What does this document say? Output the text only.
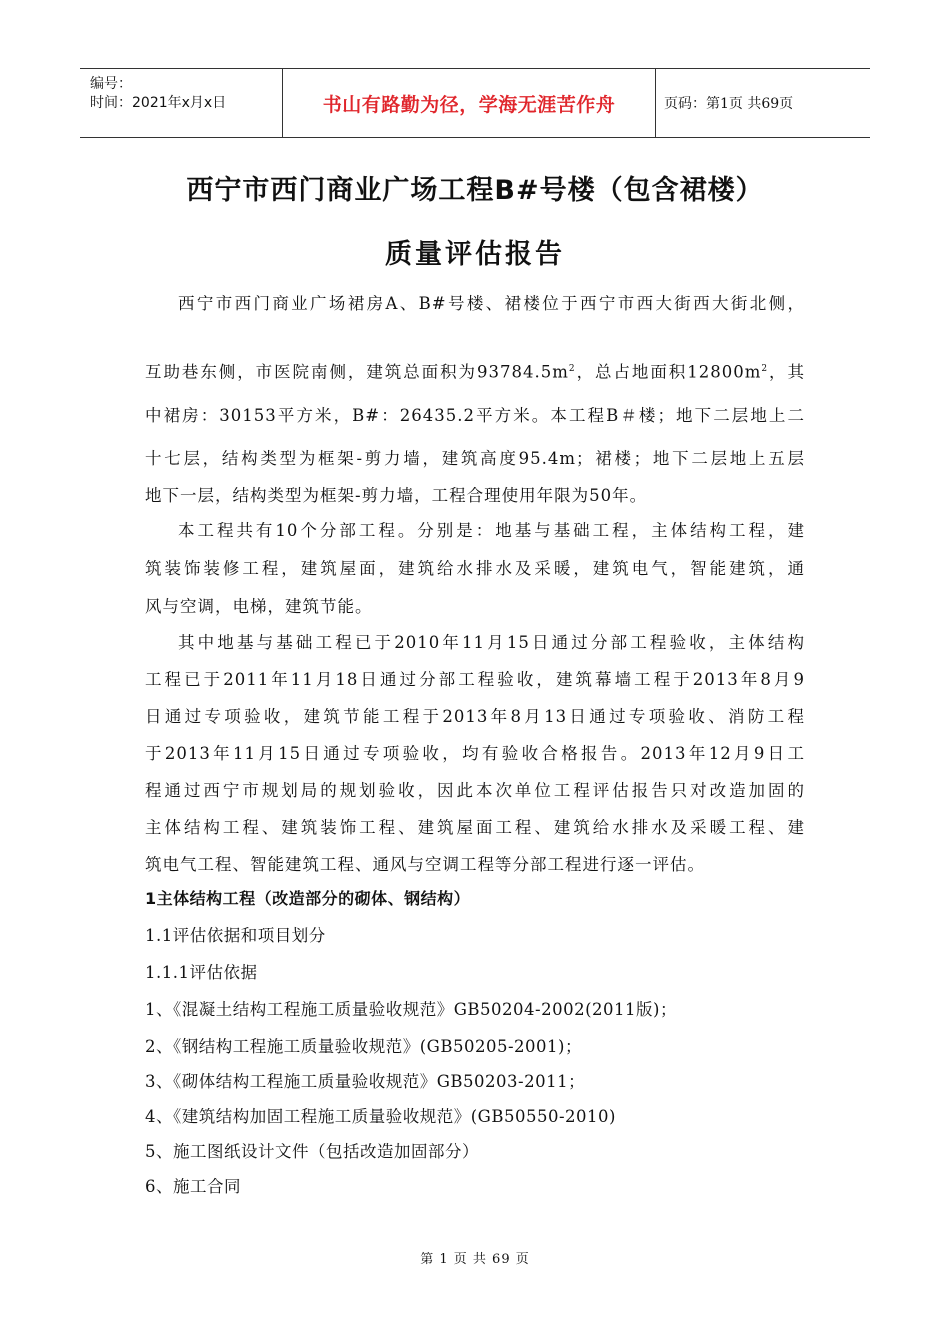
编号：
时间：2021年x月x日	书山有路勤为径，学海无涯苦作舟	页码：第1页 共69页
西宁市西门商业广场工程B#号楼（包含裙楼）
质量评估报告

西宁市西门商业广场裙房A、B#号楼、裙楼位于西宁市西大街西大街北侧，

互助巷东侧，市医院南侧，建筑总面积为$93784.5m^2$，总占地面积$12800m^2$，其

中裙房：30153平方米，B#：26435.2平方米。本工程B＃楼；地下二层地上二

十七层，结构类型为框架-剪力墙，建筑高度95.4m；裙楼；地下二层地上五层

地下一层，结构类型为框架-剪力墙，工程合理使用年限为50年。

本工程共有10个分部工程。分别是：地基与基础工程，主体结构工程，建

筑装饰装修工程，建筑屋面，建筑给水排水及采暖，建筑电气，智能建筑，通

风与空调，电梯，建筑节能。

其中地基与基础工程已于2010年11月15日通过分部工程验收，主体结构

工程已于2011年11月18日通过分部工程验收，建筑幕墙工程于2013年8月9

日通过专项验收，建筑节能工程于2013年8月13日通过专项验收、消防工程

于2013年11月15日通过专项验收，均有验收合格报告。2013年12月9日工

程通过西宁市规划局的规划验收，因此本次单位工程评估报告只对改造加固的

主体结构工程、建筑装饰工程、建筑屋面工程、建筑给水排水及采暖工程、建

筑电气工程、智能建筑工程、通风与空调工程等分部工程进行逐一评估。

1主体结构工程（改造部分的砌体、钢结构）
1.1评估依据和项目划分
1.1.1评估依据
1、《混凝土结构工程施工质量验收规范》GB50204-2002(2011版)；
2、《钢结构工程施工质量验收规范》(GB50205-2001)；
3、《砌体结构工程施工质量验收规范》GB50203-2011；
4、《建筑结构加固工程施工质量验收规范》(GB50550-2010)
5、施工图纸设计文件（包括改造加固部分）
6、施工合同
第 1 页 共 69 页
